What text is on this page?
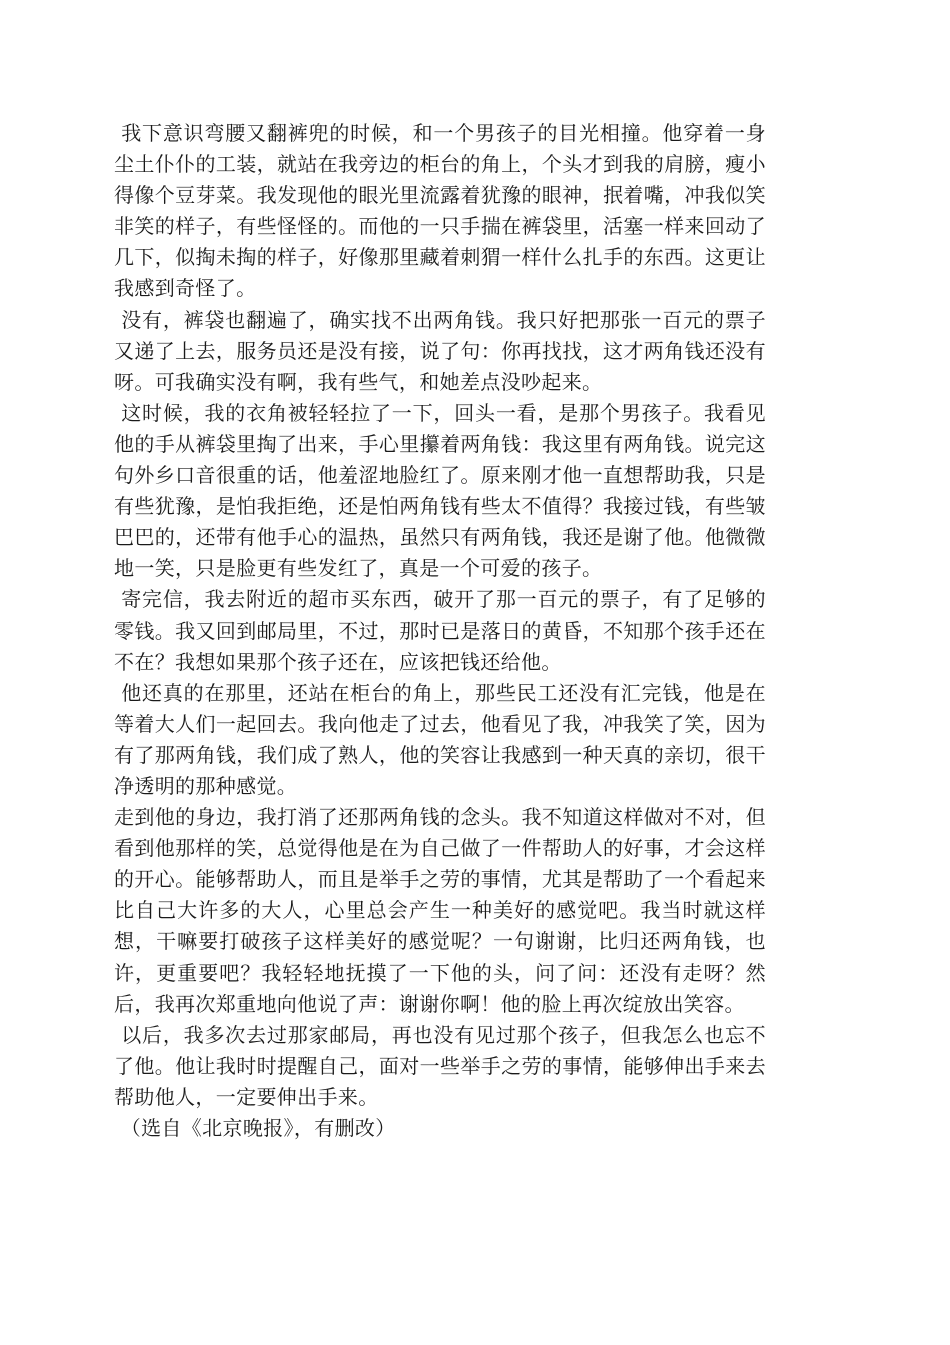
我下意识弯腰又翻裤兜的时候，和一个男孩子的目光相撞。他穿着一身尘土仆仆的工装，就站在我旁边的柜台的角上，个头才到我的肩膀，瘦小得像个豆芽菜。我发现他的眼光里流露着犹豫的眼神，抿着嘴，冲我似笑非笑的样子，有些怪怪的。而他的一只手揣在裤袋里，活塞一样来回动了几下，似掏未掏的样子，好像那里藏着刺猬一样什么扎手的东西。这更让我感到奇怪了。

没有，裤袋也翻遍了，确实找不出两角钱。我只好把那张一百元的票子又递了上去，服务员还是没有接，说了句：你再找找，这才两角钱还没有呀。可我确实没有啊，我有些气，和她差点没吵起来。

这时候，我的衣角被轻轻拉了一下，回头一看，是那个男孩子。我看见他的手从裤袋里掏了出来，手心里攥着两角钱：我这里有两角钱。说完这句外乡口音很重的话，他羞涩地脸红了。原来刚才他一直想帮助我，只是有些犹豫，是怕我拒绝，还是怕两角钱有些太不值得？我接过钱，有些皱巴巴的，还带有他手心的温热，虽然只有两角钱，我还是谢了他。他微微地一笑，只是脸更有些发红了，真是一个可爱的孩子。

寄完信，我去附近的超市买东西，破开了那一百元的票子，有了足够的零钱。我又回到邮局里，不过，那时已是落日的黄昏，不知那个孩手还在不在？我想如果那个孩子还在，应该把钱还给他。

他还真的在那里，还站在柜台的角上，那些民工还没有汇完钱，他是在等着大人们一起回去。我向他走了过去，他看见了我，冲我笑了笑，因为有了那两角钱，我们成了熟人，他的笑容让我感到一种天真的亲切，很干净透明的那种感觉。

走到他的身边，我打消了还那两角钱的念头。我不知道这样做对不对，但看到他那样的笑，总觉得他是在为自己做了一件帮助人的好事，才会这样的开心。能够帮助人，而且是举手之劳的事情，尤其是帮助了一个看起来比自己大许多的大人，心里总会产生一种美好的感觉吧。我当时就这样想，干嘛要打破孩子这样美好的感觉呢？一句谢谢，比归还两角钱，也许，更重要吧？我轻轻地抚摸了一下他的头，问了问：还没有走呀？然后，我再次郑重地向他说了声：谢谢你啊！他的脸上再次绽放出笑容。

以后，我多次去过那家邮局，再也没有见过那个孩子，但我怎么也忘不了他。他让我时时提醒自己，面对一些举手之劳的事情，能够伸出手来去帮助他人，一定要伸出手来。

（选自《北京晚报》，有删改）
